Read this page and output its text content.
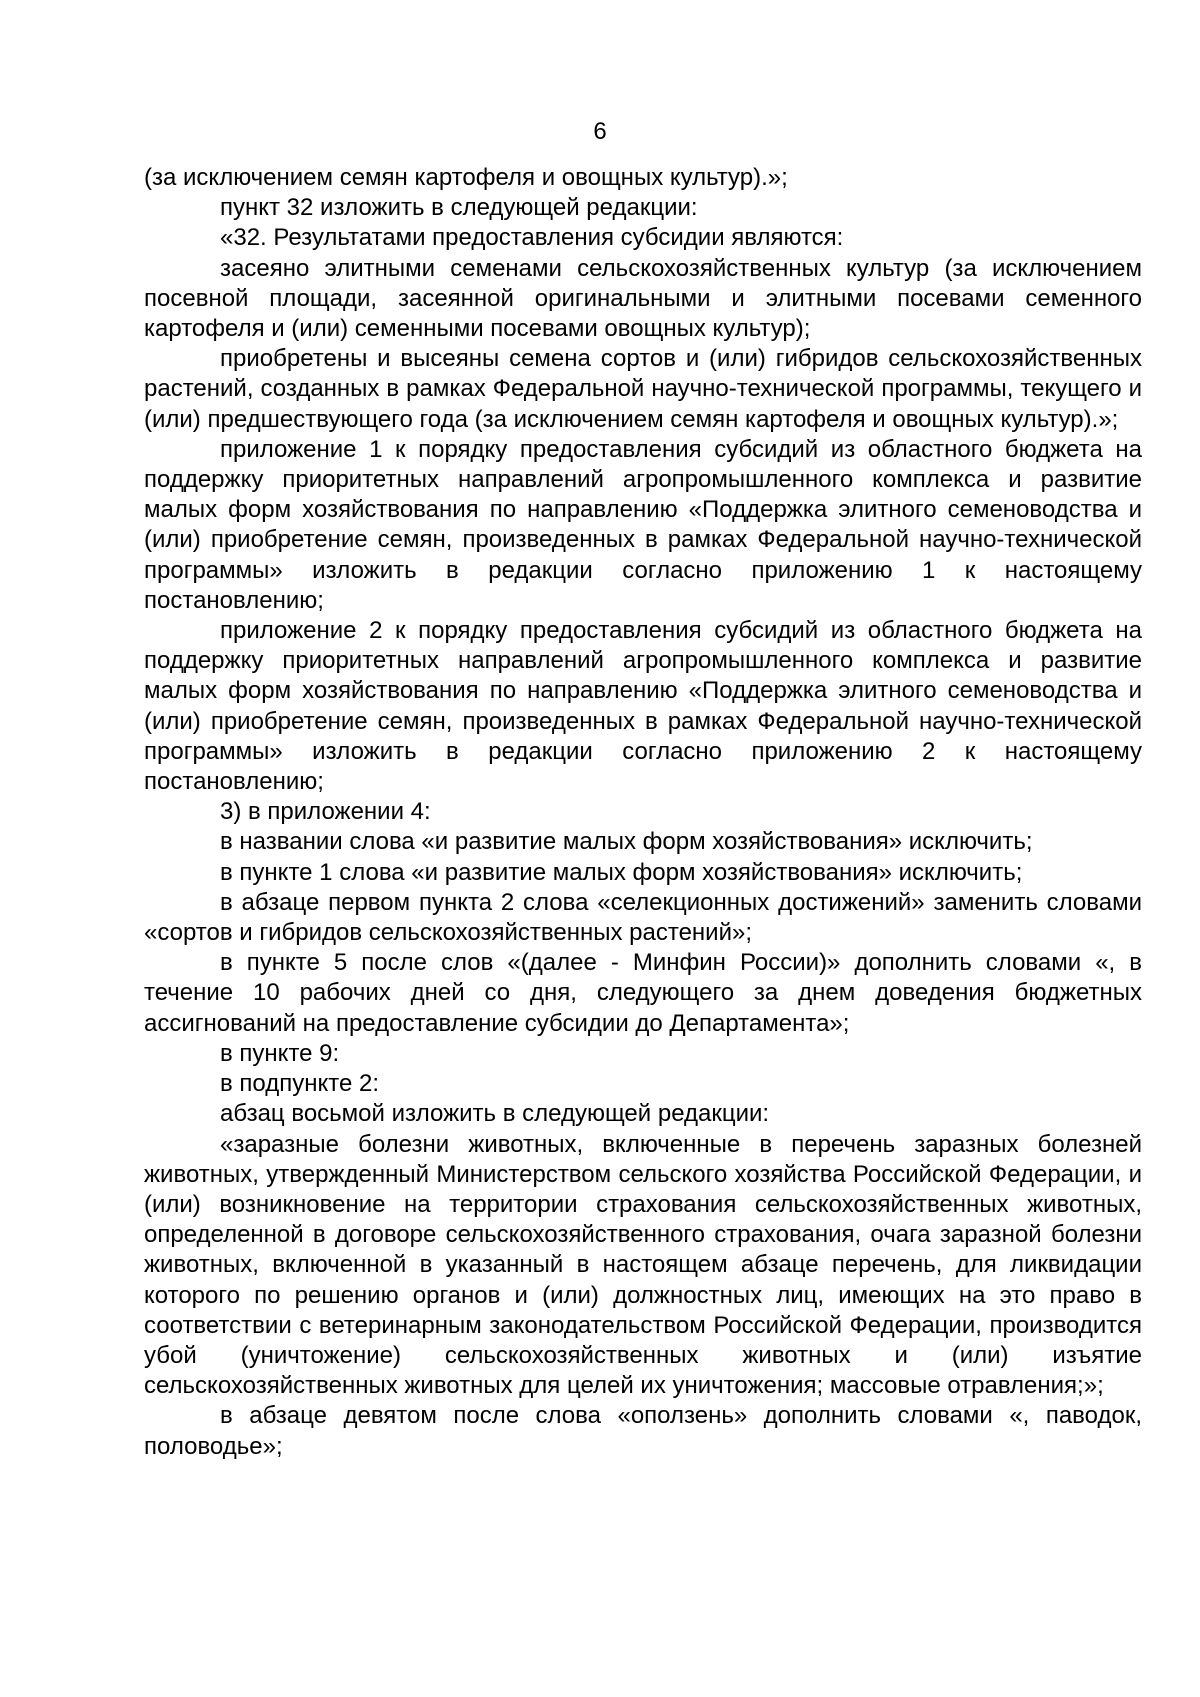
6

(за исключением семян картофеля и овощных культур).»;

пункт 32 изложить в следующей редакции:

«32. Результатами предоставления субсидии являются:

засеяно элитными семенами сельскохозяйственных культур (за исключением посевной площади, засеянной оригинальными и элитными посевами семенного картофеля и (или) семенными посевами овощных культур);

приобретены и высеяны семена сортов и (или) гибридов сельскохозяйственных растений, созданных в рамках Федеральной научно-технической программы, текущего и (или) предшествующего года (за исключением семян картофеля и овощных культур).»;

приложение 1 к порядку предоставления субсидий из областного бюджета на поддержку приоритетных направлений агропромышленного комплекса и развитие малых форм хозяйствования по направлению «Поддержка элитного семеноводства и (или) приобретение семян, произведенных в рамках Федеральной научно-технической программы» изложить в редакции согласно приложению 1 к настоящему постановлению;

приложение 2 к порядку предоставления субсидий из областного бюджета на поддержку приоритетных направлений агропромышленного комплекса и развитие малых форм хозяйствования по направлению «Поддержка элитного семеноводства и (или) приобретение семян, произведенных в рамках Федеральной научно-технической программы» изложить в редакции согласно приложению 2 к настоящему постановлению;

3) в приложении 4:

в названии слова «и развитие малых форм хозяйствования» исключить;

в пункте 1 слова «и развитие малых форм хозяйствования» исключить;

в абзаце первом пункта 2 слова «селекционных достижений» заменить словами «сортов и гибридов сельскохозяйственных растений»;

в пункте 5 после слов «(далее - Минфин России)» дополнить словами «, в течение 10 рабочих дней со дня, следующего за днем доведения бюджетных ассигнований на предоставление субсидии до Департамента»;

в пункте 9:

в подпункте 2:

абзац восьмой изложить в следующей редакции:

«заразные болезни животных, включенные в перечень заразных болезней животных, утвержденный Министерством сельского хозяйства Российской Федерации, и (или) возникновение на территории страхования сельскохозяйственных животных, определенной в договоре сельскохозяйственного страхования, очага заразной болезни животных, включенной в указанный в настоящем абзаце перечень, для ликвидации которого по решению органов и (или) должностных лиц, имеющих на это право в соответствии с ветеринарным законодательством Российской Федерации, производится убой (уничтожение) сельскохозяйственных животных и (или) изъятие сельскохозяйственных животных для целей их уничтожения; массовые отравления;»;

в абзаце девятом после слова «оползень» дополнить словами «, паводок, половодье»;
